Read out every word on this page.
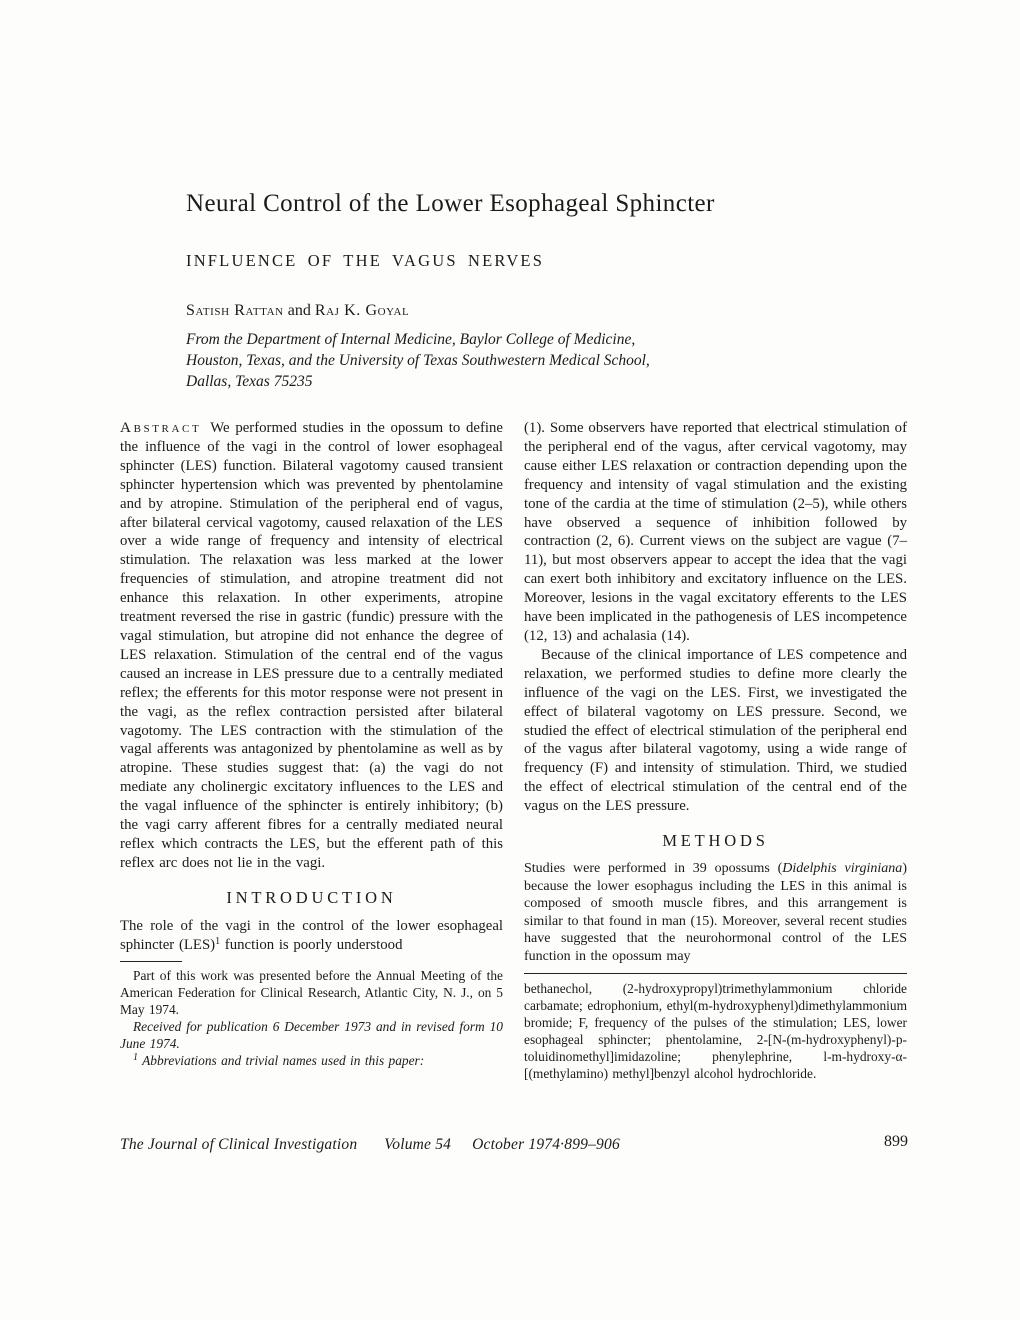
Neural Control of the Lower Esophageal Sphincter
INFLUENCE OF THE VAGUS NERVES
Satish Rattan and Raj K. Goyal
From the Department of Internal Medicine, Baylor College of Medicine,
Houston, Texas, and the University of Texas Southwestern Medical School,
Dallas, Texas 75235

Abstract We performed studies in the opossum to define the influence of the vagi in the control of lower esophageal sphincter (LES) function. Bilateral vagotomy caused transient sphincter hypertension which was prevented by phentolamine and by atropine. Stimulation of the peripheral end of vagus, after bilateral cervical vagotomy, caused relaxation of the LES over a wide range of frequency and intensity of electrical stimulation. The relaxation was less marked at the lower frequencies of stimulation, and atropine treatment did not enhance this relaxation. In other experiments, atropine treatment reversed the rise in gastric (fundic) pressure with the vagal stimulation, but atropine did not enhance the degree of LES relaxation. Stimulation of the central end of the vagus caused an increase in LES pressure due to a centrally mediated reflex; the efferents for this motor response were not present in the vagi, as the reflex contraction persisted after bilateral vagotomy. The LES contraction with the stimulation of the vagal afferents was antagonized by phentolamine as well as by atropine. These studies suggest that: (a) the vagi do not mediate any cholinergic excitatory influences to the LES and the vagal influence of the sphincter is entirely inhibitory; (b) the vagi carry afferent fibres for a centrally mediated neural reflex which contracts the LES, but the efferent path of this reflex arc does not lie in the vagi.

INTRODUCTION

The role of the vagi in the control of the lower esophageal sphincter (LES)$^1$ function is poorly understood

Part of this work was presented before the Annual Meeting of the American Federation for Clinical Research, Atlantic City, N. J., on 5 May 1974.

Received for publication 6 December 1973 and in revised form 10 June 1974.

$^1$ Abbreviations and trivial names used in this paper:

(1). Some observers have reported that electrical stimulation of the peripheral end of the vagus, after cervical vagotomy, may cause either LES relaxation or contraction depending upon the frequency and intensity of vagal stimulation and the existing tone of the cardia at the time of stimulation (2–5), while others have observed a sequence of inhibition followed by contraction (2, 6). Current views on the subject are vague (7–11), but most observers appear to accept the idea that the vagi can exert both inhibitory and excitatory influence on the LES. Moreover, lesions in the vagal excitatory efferents to the LES have been implicated in the pathogenesis of LES incompetence (12, 13) and achalasia (14).

Because of the clinical importance of LES competence and relaxation, we performed studies to define more clearly the influence of the vagi on the LES. First, we investigated the effect of bilateral vagotomy on LES pressure. Second, we studied the effect of electrical stimulation of the peripheral end of the vagus after bilateral vagotomy, using a wide range of frequency (F) and intensity of stimulation. Third, we studied the effect of electrical stimulation of the central end of the vagus on the LES pressure.

METHODS

Studies were performed in 39 opossums (Didelphis virginiana) because the lower esophagus including the LES in this animal is composed of smooth muscle fibres, and this arrangement is similar to that found in man (15). Moreover, several recent studies have suggested that the neurohormonal control of the LES function in the opossum may

bethanechol, (2-hydroxypropyl)trimethylammonium chloride carbamate; edrophonium, ethyl(m-hydroxyphenyl)dimethylammonium bromide; F, frequency of the pulses of the stimulation; LES, lower esophageal sphincter; phentolamine, 2-[N-(m-hydroxyphenyl)-p-toluidinomethyl]imidazoline; phenylephrine, l-m-hydroxy-α-[(methylamino) methyl]benzyl alcohol hydrochloride.

The Journal of Clinical Investigation Volume 54 October 1974·899–906	899
